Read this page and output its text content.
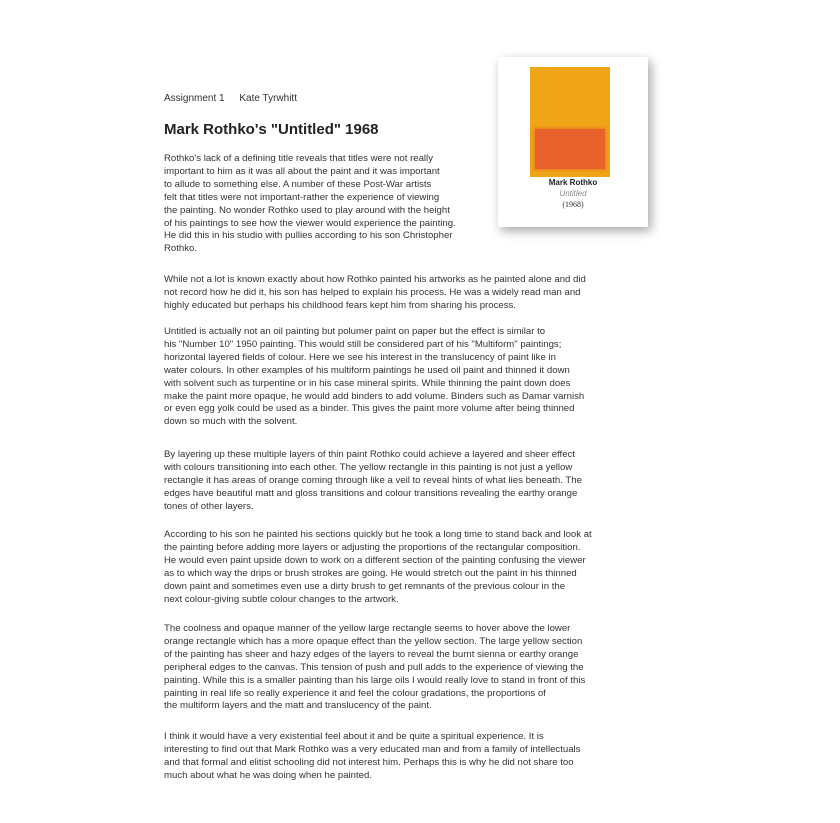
Assignment 1 Kate Tyrwhitt
Mark Rothko's "Untitled" 1968
Mark Rothko
Untitled
(1968)

Rothko's lack of a defining title reveals that titles were not really
important to him as it was all about the paint and it was important
to allude to something else. A number of these Post-War artists
felt that titles were not important-rather the experience of viewing
the painting. No wonder Rothko used to play around with the height
of his paintings to see how the viewer would experience the painting.
He did this in his studio with pullies according to his son Christopher
Rothko.

While not a lot is known exactly about how Rothko painted his artworks as he painted alone and did
not record how he did it, his son has helped to explain his process. He was a widely read man and
highly educated but perhaps his childhood fears kept him from sharing his process.

Untitled is actually not an oil painting but polumer paint on paper but the effect is similar to
his "Number 10" 1950 painting. This would still be considered part of his "Multiform" paintings;
horizontal layered fields of colour. Here we see his interest in the translucency of paint like in
water colours. In other examples of his multiform paintings he used oil paint and thinned it down
with solvent such as turpentine or in his case mineral spirits. While thinning the paint down does
make the paint more opaque, he would add binders to add volume. Binders such as Damar varnish
or even egg yolk could be used as a binder. This gives the paint more volume after being thinned
down so much with the solvent.

By layering up these multiple layers of thin paint Rothko could achieve a layered and sheer effect
with colours transitioning into each other. The yellow rectangle in this painting is not just a yellow
rectangle it has areas of orange coming through like a veil to reveal hints of what lies beneath. The
edges have beautiful matt and gloss transitions and colour transitions revealing the earthy orange
tones of other layers.

According to his son he painted his sections quickly but he took a long time to stand back and look at
the painting before adding more layers or adjusting the proportions of the rectangular composition.
He would even paint upside down to work on a different section of the painting confusing the viewer
as to which way the drips or brush strokes are going. He would stretch out the paint in his thinned
down paint and sometimes even use a dirty brush to get remnants of the previous colour in the
next colour-giving subtle colour changes to the artwork.

The coolness and opaque manner of the yellow large rectangle seems to hover above the lower
orange rectangle which has a more opaque effect than the yellow section. The large yellow section
of the painting has sheer and hazy edges of the layers to reveal the burnt sienna or earthy orange
peripheral edges to the canvas. This tension of push and pull adds to the experience of viewing the
painting. While this is a smaller painting than his large oils I would really love to stand in front of this
painting in real life so really experience it and feel the colour gradations, the proportions of
the multiform layers and the matt and translucency of the paint.

I think it would have a very existential feel about it and be quite a spiritual experience. It is
interesting to find out that Mark Rothko was a very educated man and from a family of intellectuals
and that formal and elitist schooling did not interest him. Perhaps this is why he did not share too
much about what he was doing when he painted.
